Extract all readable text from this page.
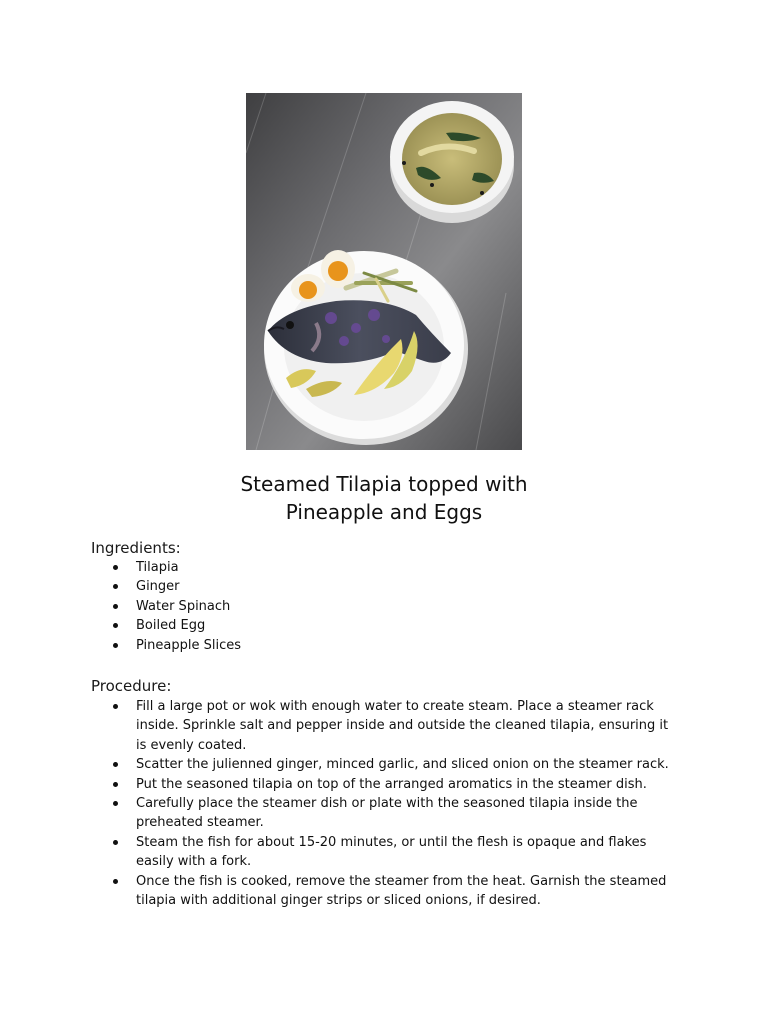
Steamed Tilapia topped with
Pineapple and Eggs
Ingredients:
Tilapia
Ginger
Water Spinach
Boiled Egg
Pineapple Slices
Procedure:
Fill a large pot or wok with enough water to create steam. Place a steamer rack inside. Sprinkle salt and pepper inside and outside the cleaned tilapia, ensuring it is evenly coated.
Scatter the julienned ginger, minced garlic, and sliced onion on the steamer rack.
Put the seasoned tilapia on top of the arranged aromatics in the steamer dish.
Carefully place the steamer dish or plate with the seasoned tilapia inside the preheated steamer.
Steam the fish for about 15-20 minutes, or until the flesh is opaque and flakes easily with a fork.
Once the fish is cooked, remove the steamer from the heat. Garnish the steamed tilapia with additional ginger strips or sliced onions, if desired.
